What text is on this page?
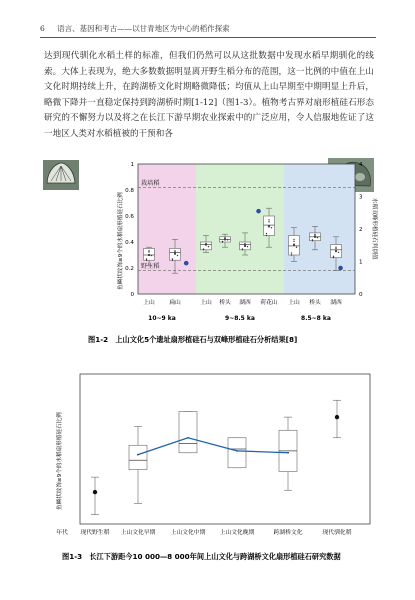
6 语言、基因和考古——以甘青地区为中心的稻作探索

达到现代驯化水稻土样的标准，但我们仍然可以从这批数据中发现水稻早期驯化的线索。大体上表现为，绝大多数数据明显离开野生稻分布的范围，这一比例的中值在上山文化时期持续上升，在跨湖桥文化时期略微降低；均值从上山早期至中期明显上升后，略微下降并一直稳定保持到跨湖桥时期[1-12]（图1-3）。植物考古界对扇形植硅石形态研究的不懈努力以及将之在长江下游早期农业探索中的广泛应用，令人信服地佐证了这一地区人类对水稻植被的干预和各

栽培稻
野生稻
0
0.2
0.4
0.6
0.8
1
鱼鳞状纹饰≥9个的水稻扇形植硅石比例
0
1
2
3
4
水稻双峰形植硅石判别值
上山 扁山	上山 桥头 湖西 荷花山 上山 桥头 湖西
10~9 ka	9~8.5 ka	8.5~8 ka
图1-2　上山文化5个遗址扇形植硅石与双峰形植硅石分析结果[8]
鱼鳞状纹饰≥9个的水稻扇形植硅石比例
年代 现代野生稻 上山文化早期	上山文化中期 上山文化晚期	跨湖桥文化	现代驯化稻
图1-3　长江下游距今10 000—8 000年间上山文化与跨湖桥文化扇形植硅石研究数据
